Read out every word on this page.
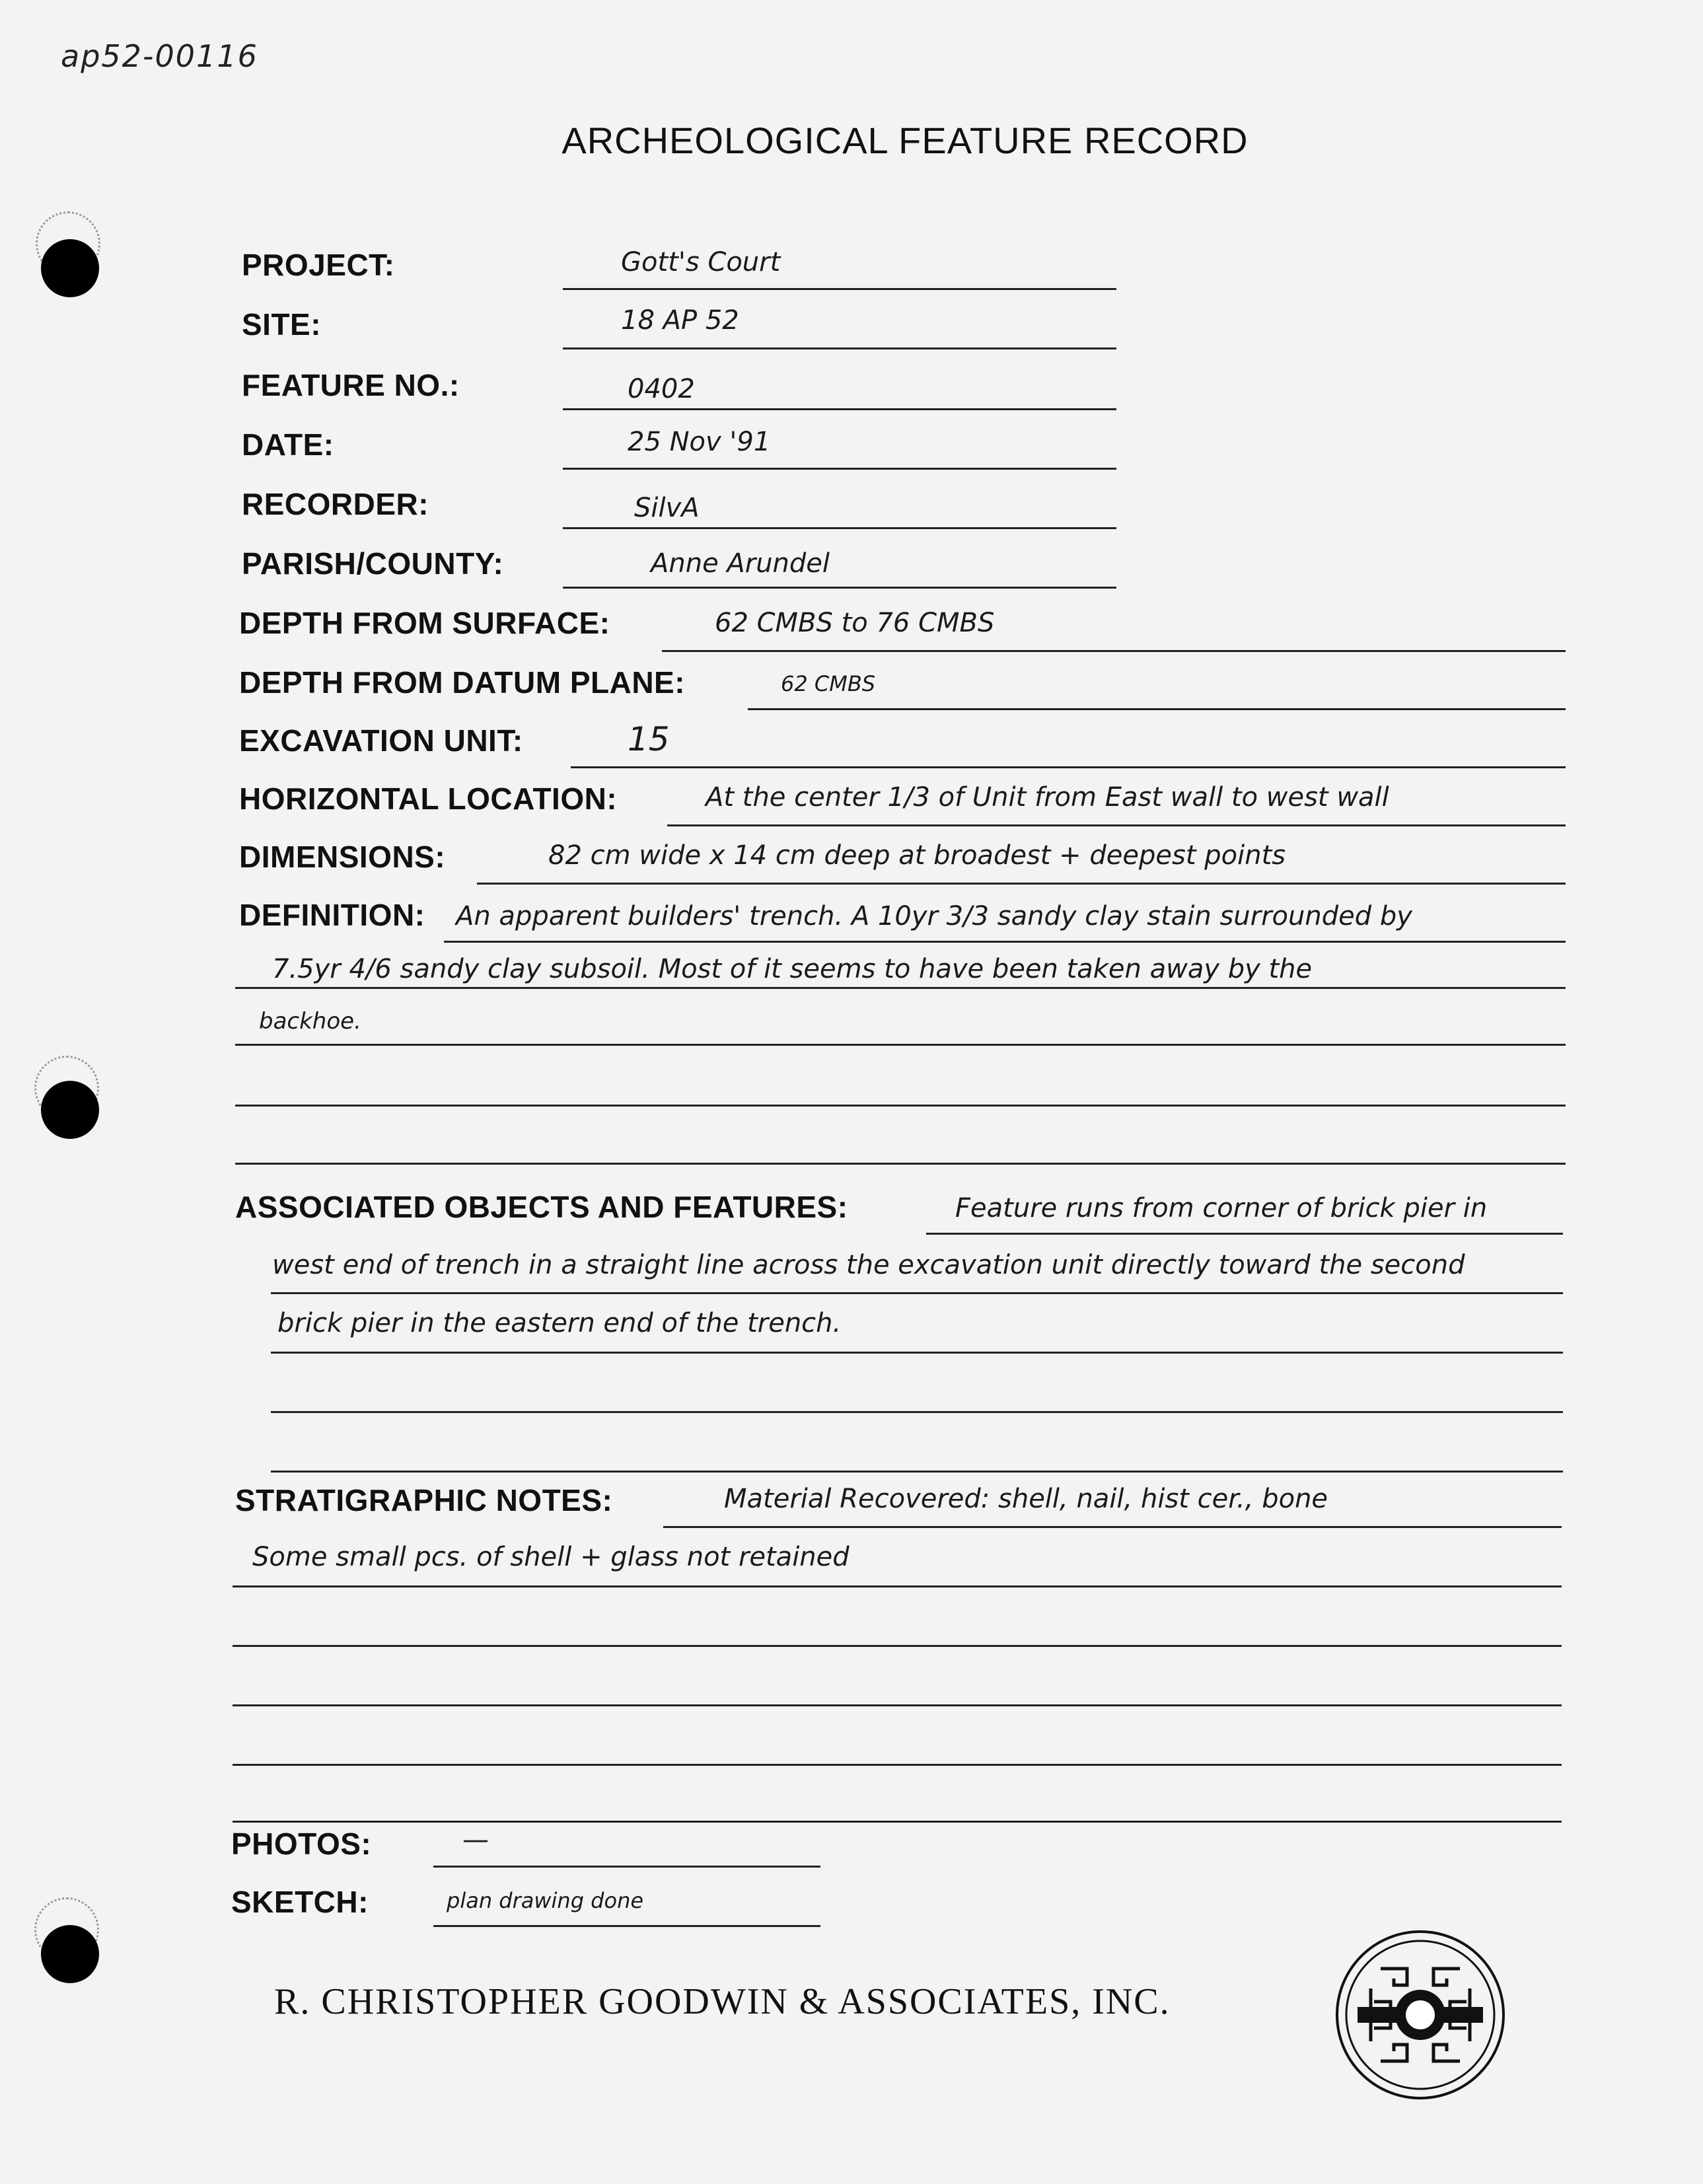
ap52-00116
ARCHEOLOGICAL FEATURE RECORD
PROJECT:	Gott's Court
SITE:	18 AP 52
FEATURE NO.:	0402
DATE:	25 Nov '91
RECORDER:	SilvA
PARISH/COUNTY:	Anne Arundel
DEPTH FROM SURFACE:	62 CMBS to 76 CMBS
DEPTH FROM DATUM PLANE:	62 CMBS
EXCAVATION UNIT:	15
HORIZONTAL LOCATION:	At the center 1/3 of Unit from East wall to west wall
DIMENSIONS:	82 cm wide x 14 cm deep at broadest + deepest points
DEFINITION: An apparent builders' trench. A 10yr 3/3 sandy clay stain surrounded by
7.5yr 4/6 sandy clay subsoil. Most of it seems to have been taken away by the
backhoe.
ASSOCIATED OBJECTS AND FEATURES:	Feature runs from corner of brick pier in
west end of trench in a straight line across the excavation unit directly toward the second
brick pier in the eastern end of the trench.
STRATIGRAPHIC NOTES:	Material Recovered: shell, nail, hist cer., bone
Some small pcs. of shell + glass not retained
PHOTOS:	—
SKETCH:	plan drawing done
R. CHRISTOPHER GOODWIN & ASSOCIATES, INC.
